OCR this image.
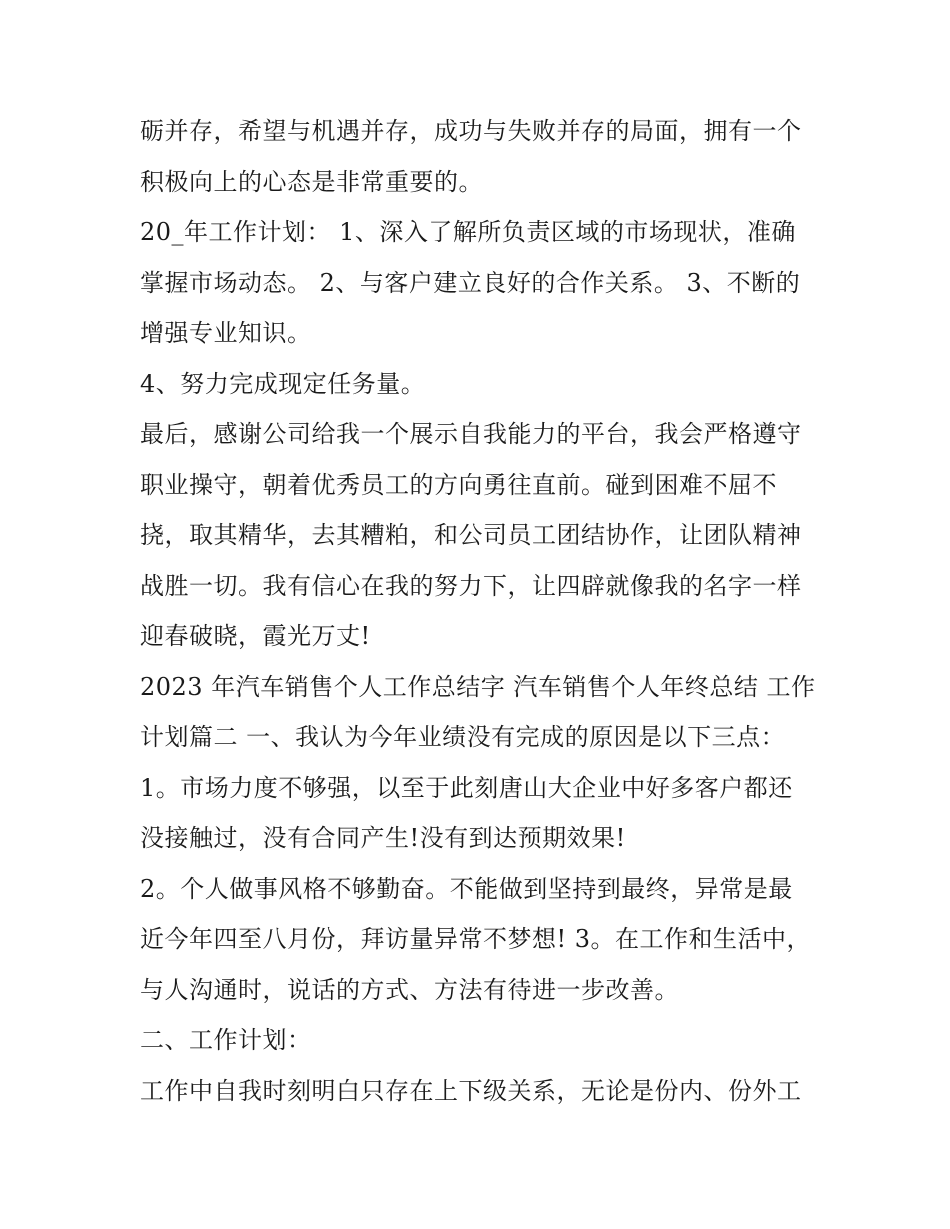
砺并存，希望与机遇并存，成功与失败并存的局面，拥有一个
积极向上的心态是非常重要的。
20_年工作计划： 1、深入了解所负责区域的市场现状，准确
掌握市场动态。 2、与客户建立良好的合作关系。 3、不断的
增强专业知识。
4、努力完成现定任务量。
最后，感谢公司给我一个展示自我能力的平台，我会严格遵守
职业操守，朝着优秀员工的方向勇往直前。碰到困难不屈不
挠，取其精华，去其糟粕，和公司员工团结协作，让团队精神
战胜一切。我有信心在我的努力下，让四辟就像我的名字一样
迎春破晓，霞光万丈!
2023 年汽车销售个人工作总结字 汽车销售个人年终总结 工作
计划篇二 一、我认为今年业绩没有完成的原因是以下三点：
1。市场力度不够强，以至于此刻唐山大企业中好多客户都还
没接触过，没有合同产生!没有到达预期效果!
2。个人做事风格不够勤奋。不能做到坚持到最终，异常是最
近今年四至八月份，拜访量异常不梦想! 3。在工作和生活中，
与人沟通时，说话的方式、方法有待进一步改善。
二、工作计划：
工作中自我时刻明白只存在上下级关系，无论是份内、份外工
